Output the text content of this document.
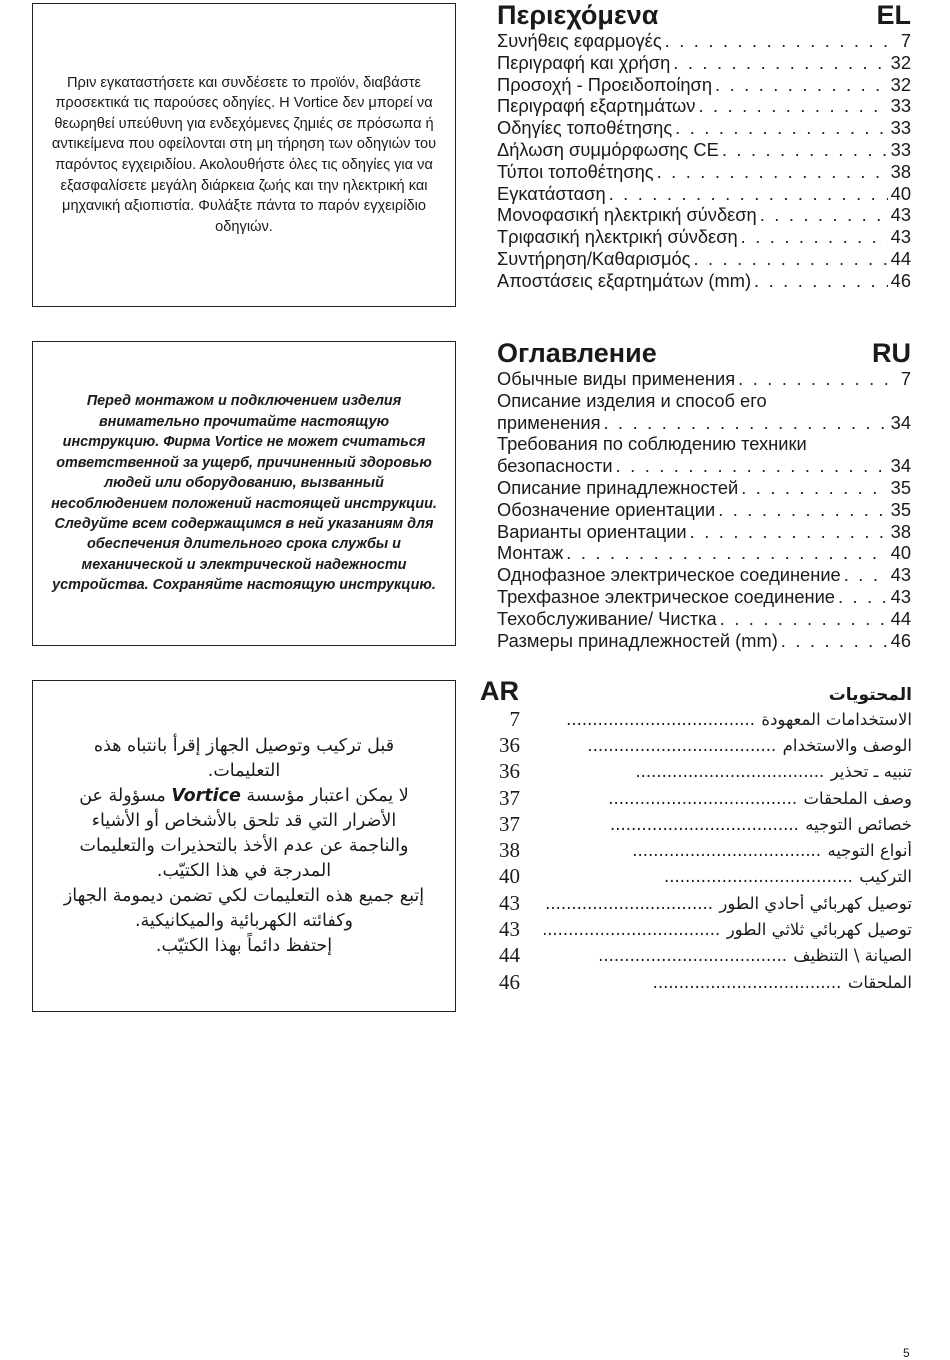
Πριν εγκαταστήσετε και συνδέσετε το προϊόν, διαβάστε προσεκτικά τις παρούσες οδηγίες. Η Vortice δεν μπορεί να θεωρηθεί υπεύθυνη για ενδεχόμενες ζημιές σε πρόσωπα ή αντικείμενα που οφείλονται στη μη τήρηση των οδηγιών του παρόντος εγχειριδίου. Ακολουθήστε όλες τις οδηγίες για να εξασφαλίσετε μεγάλη διάρκεια ζωής και την ηλεκτρική και μηχανική αξιοπιστία. Φυλάξτε πάντα το παρόν εγχειρίδιο οδηγιών.
Перед монтажом и подключением изделия внимательно прочитайте настоящую инструкцию. Фирма Vortice не может считаться ответственной за ущерб, причиненный здоровью людей или оборудованию, вызванный несоблюдением положений настоящей инструкции. Следуйте всем содержащимся в ней указаниям для обеспечения длительного срока службы и механической и электрической надежности устройства. Сохраняйте настоящую инструкцию.
قبل تركيب وتوصيل الجهاز إقرأ بانتباه هذه التعليمات.
لا يمكن اعتبار مؤسسة Vortice مسؤولة عن الأضرار التي قد تلحق بالأشخاص أو الأشياء والناجمة عن عدم الأخذ بالتحذيرات والتعليمات المدرجة في هذا الكتيّب.
إتبع جميع هذه التعليمات لكي تضمن ديمومة الجهاز وكفائته الكهربائية والميكانيكية.
إحتفظ دائماً بهذا الكتيّب.
Περιεχόμενα	EL
Συνήθεις εφαρμογές . . .	7
Περιγραφή και χρήση . . .	32
Προσοχή - Προειδοποίηση . . .	32
Περιγραφή εξαρτημάτων . . .	33
Οδηγίες τοποθέτησης . . .	33
Δήλωση συμμόρφωσης CE . . .	33
Τύποι τοποθέτησης . . .	38
Εγκατάσταση . . .	40
Μονοφασική ηλεκτρική σύνδεση . . .	43
Τριφασική ηλεκτρική σύνδεση . . .	43
Συντήρηση/Καθαρισμός . . .	44
Αποστάσεις εξαρτημάτων (mm) . . .	46
Оглавление	RU
Обычные виды применения . . .	7
Описание изделия и способ его
применения . . .	34
Требования по соблюдению техники
безопасности . . .	34
Описание принадлежностей . . .	35
Обозначение ориентации . . .	35
Варианты ориентации . . .	38
Монтаж . . .	40
Однофазное электрическое соединение . . .	43
Трехфазное электрическое соединение . . .	43
Техобслуживание/ Чистка . . .	44
Размеры принадлежностей (mm) . . .	46
AR	المحتويات
7	الاستخدامات المعهودة .....
36	الوصف والاستخدام .....
36	تنبيه ـ تحذير .....
37	وصف الملحقات .....
37	خصائص التوجيه .....
38	أنواع التوجيه .....
40	التركيب .....
43	توصيل كهربائي أحادي الطور .....
43	توصيل كهربائي ثلاثي الطور .....
44	الصيانة \ التنظيف .....
46	الملحقات .....
5
